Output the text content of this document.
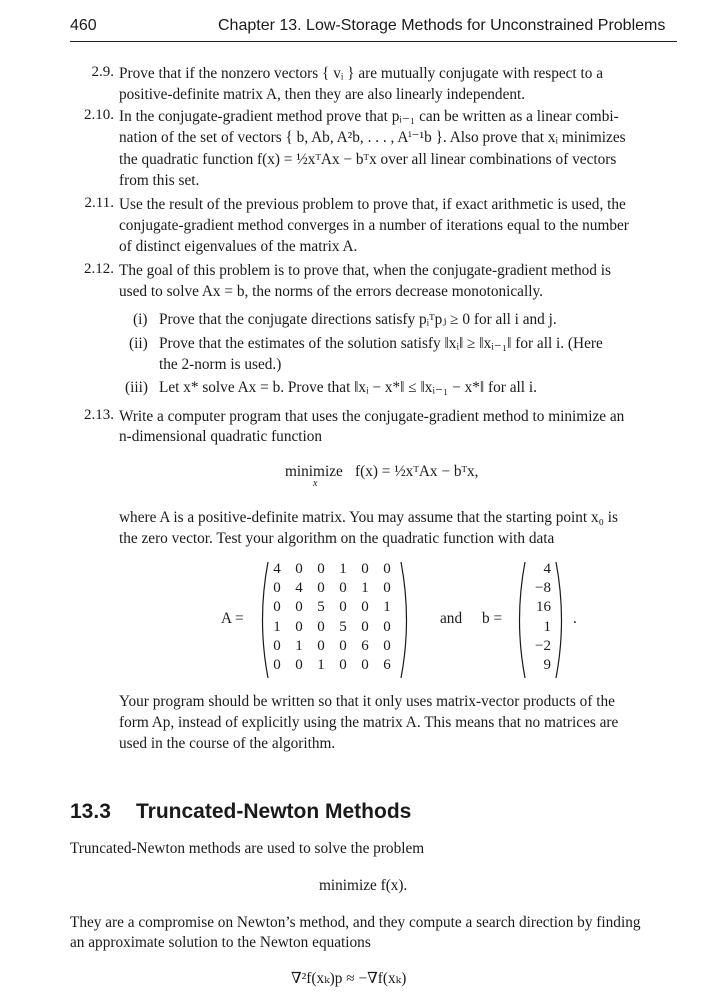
460	Chapter 13. Low-Storage Methods for Unconstrained Problems
2.9. Prove that if the nonzero vectors { vᵢ } are mutually conjugate with respect to a
positive-definite matrix A, then they are also linearly independent.
2.10. In the conjugate-gradient method prove that pᵢ₋₁ can be written as a linear combi-
nation of the set of vectors { b, Ab, A²b, . . . , Aⁱ⁻¹b }. Also prove that xᵢ minimizes
the quadratic function f(x) = ½xᵀAx − bᵀx over all linear combinations of vectors
from this set.
2.11. Use the result of the previous problem to prove that, if exact arithmetic is used, the
conjugate-gradient method converges in a number of iterations equal to the number
of distinct eigenvalues of the matrix A.
2.12. The goal of this problem is to prove that, when the conjugate-gradient method is
used to solve Ax = b, the norms of the errors decrease monotonically.
(i) Prove that the conjugate directions satisfy pᵢᵀpⱼ ≥ 0 for all i and j.
(ii) Prove that the estimates of the solution satisfy ‖xᵢ‖ ≥ ‖xᵢ₋₁‖ for all i. (Here
the 2-norm is used.)
(iii) Let x* solve Ax = b. Prove that ‖xᵢ − x*‖ ≤ ‖xᵢ₋₁ − x*‖ for all i.
2.13. Write a computer program that uses the conjugate-gradient method to minimize an
n-dimensional quadratic function
minimize
x
f(x) = ½xᵀAx − bᵀx,
where A is a positive-definite matrix. You may assume that the starting point x₀ is
the zero vector. Test your algorithm on the quadratic function with data
A =
4 0 0 1 0 0
0 4 0 0 1 0
0 0 5 0 0 1
1 0 0 5 0 0
0 1 0 0 6 0
0 0 1 0 0 6
and b =
4
−8
16
1
−2
9
.
Your program should be written so that it only uses matrix-vector products of the
form Ap, instead of explicitly using the matrix A. This means that no matrices are
used in the course of the algorithm.
13.3 Truncated-Newton Methods
Truncated-Newton methods are used to solve the problem
minimize f(x).
They are a compromise on Newton’s method, and they compute a search direction by finding
an approximate solution to the Newton equations
∇²f(xₖ)p ≈ −∇f(xₖ)
